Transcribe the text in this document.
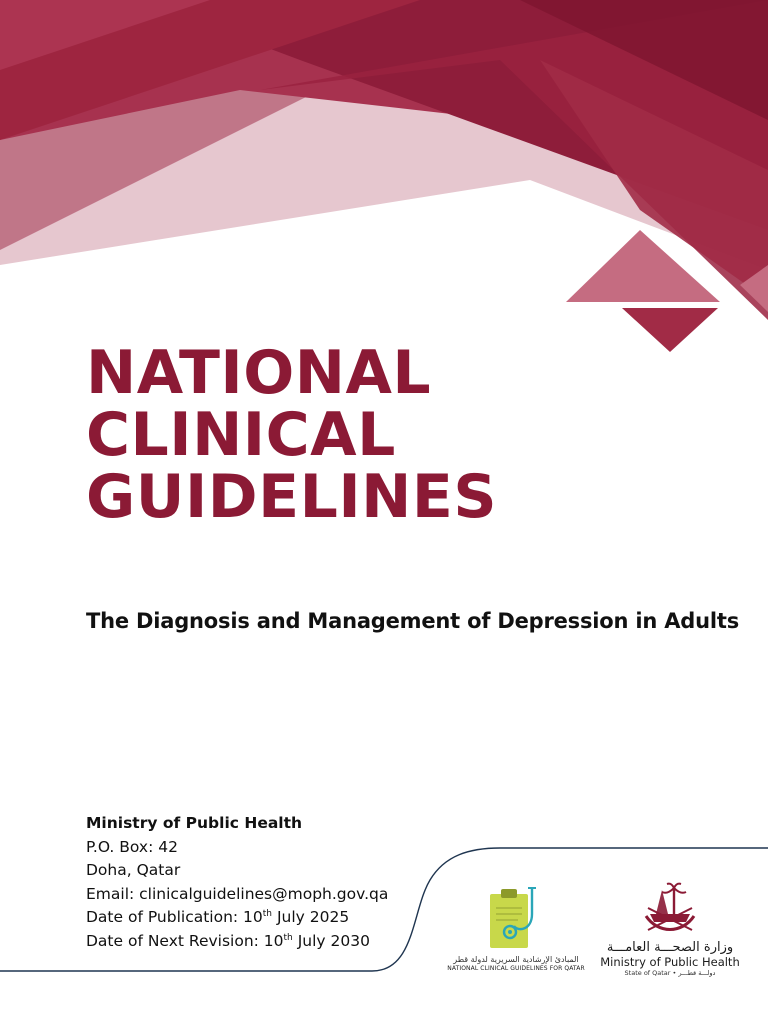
NATIONAL
CLINICAL
GUIDELINES
The Diagnosis and Management of Depression in Adults
Ministry of Public Health
P.O. Box: 42
Doha, Qatar
Email: clinicalguidelines@moph.gov.qa
Date of Publication: 10th July 2025
Date of Next Revision: 10th July 2030
المبادئ الإرشادية السريرية لدولة قطر
NATIONAL CLINICAL GUIDELINES FOR QATAR
وزارة الصحـــة العامـــة
Ministry of Public Health
State of Qatar • دولـــة قطـــر
